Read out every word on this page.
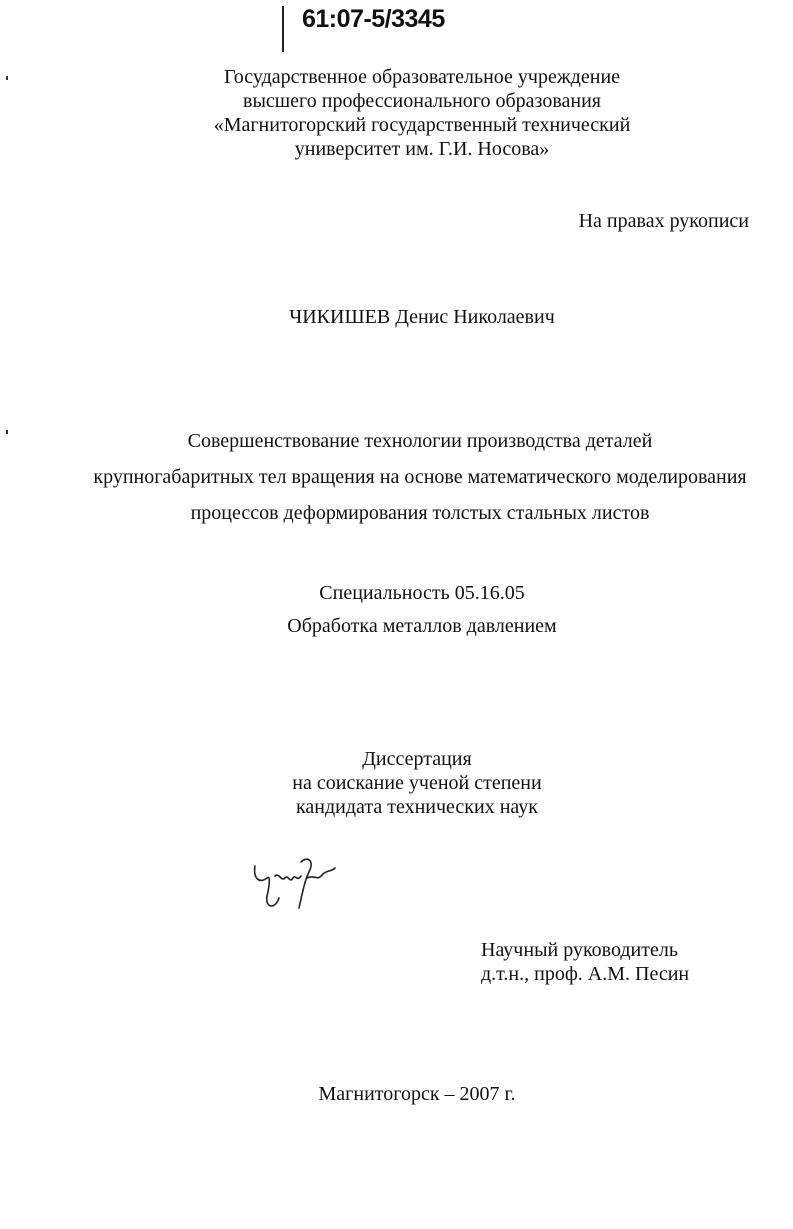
61:07-5/3345
Государственное образовательное учреждение
высшего профессионального образования
«Магнитогорский государственный технический
университет им. Г.И. Носова»
На правах рукописи
ЧИКИШЕВ Денис Николаевич
Совершенствование технологии производства деталей
крупногабаритных тел вращения на основе математического моделирования
процессов деформирования толстых стальных листов
Специальность 05.16.05
Обработка металлов давлением
Диссертация
на соискание ученой степени
кандидата технических наук
Научный руководитель
д.т.н., проф. А.М. Песин
Магнитогорск – 2007 г.
